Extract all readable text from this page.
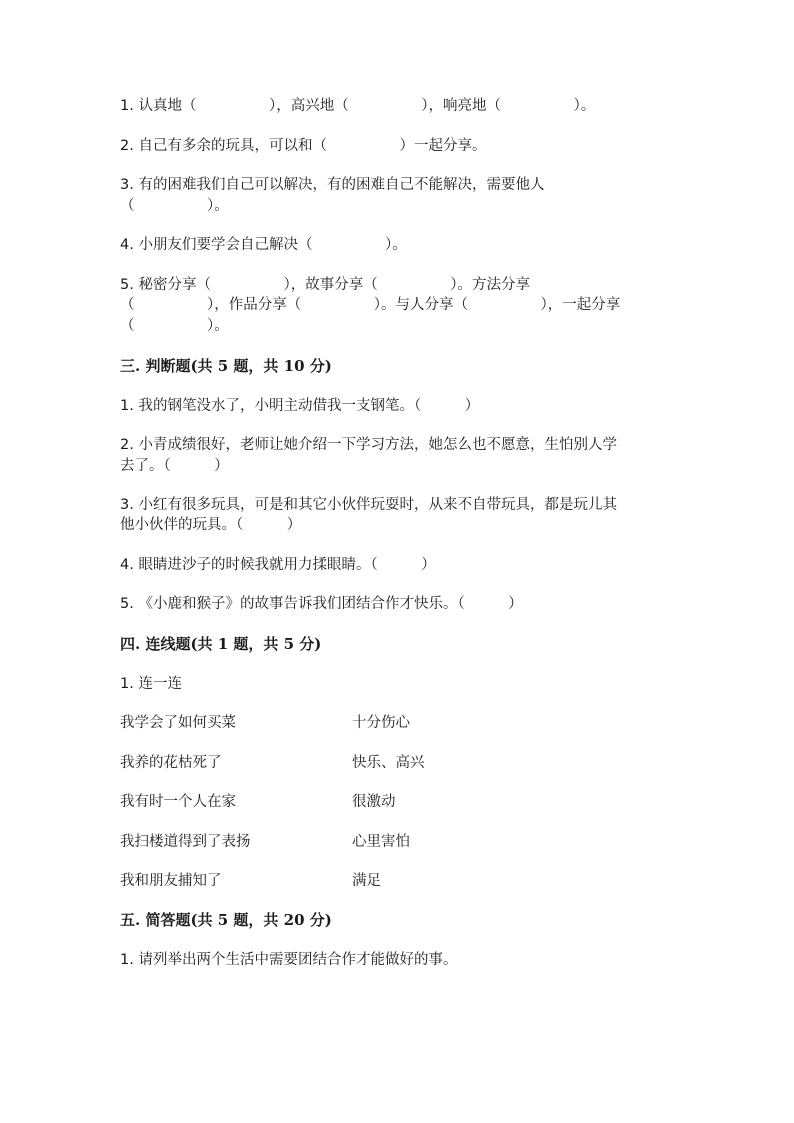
1. 认真地（　　　　　），高兴地（　　　　　），响亮地（　　　　　）。

2. 自己有多余的玩具，可以和（　　　　　）一起分享。

3. 有的困难我们自己可以解决，有的困难自己不能解决，需要他人

（　　　　　）。

4. 小朋友们要学会自己解决（　　　　　）。

5. 秘密分享（　　　　　），故事分享（　　　　　）。方法分享

（　　　　　），作品分享（　　　　　）。与人分享（　　　　　），一起分享

（　　　　　）。

三. 判断题(共 5 题，共 10 分)

1. 我的钢笔没水了，小明主动借我一支钢笔。（　　　）

2. 小青成绩很好，老师让她介绍一下学习方法，她怎么也不愿意，生怕别人学

去了。（　　　）

3. 小红有很多玩具，可是和其它小伙伴玩耍时，从来不自带玩具，都是玩儿其

他小伙伴的玩具。（　　　）

4. 眼睛进沙子的时候我就用力揉眼睛。（　　　）

5. 《小鹿和猴子》的故事告诉我们团结合作才快乐。（　　　）

四. 连线题(共 1 题，共 5 分)

1. 连一连

我学会了如何买菜	十分伤心

我养的花枯死了	快乐、高兴

我有时一个人在家	很激动

我扫楼道得到了表扬	心里害怕

我和朋友捕知了	满足

五. 简答题(共 5 题，共 20 分)

1. 请列举出两个生活中需要团结合作才能做好的事。
